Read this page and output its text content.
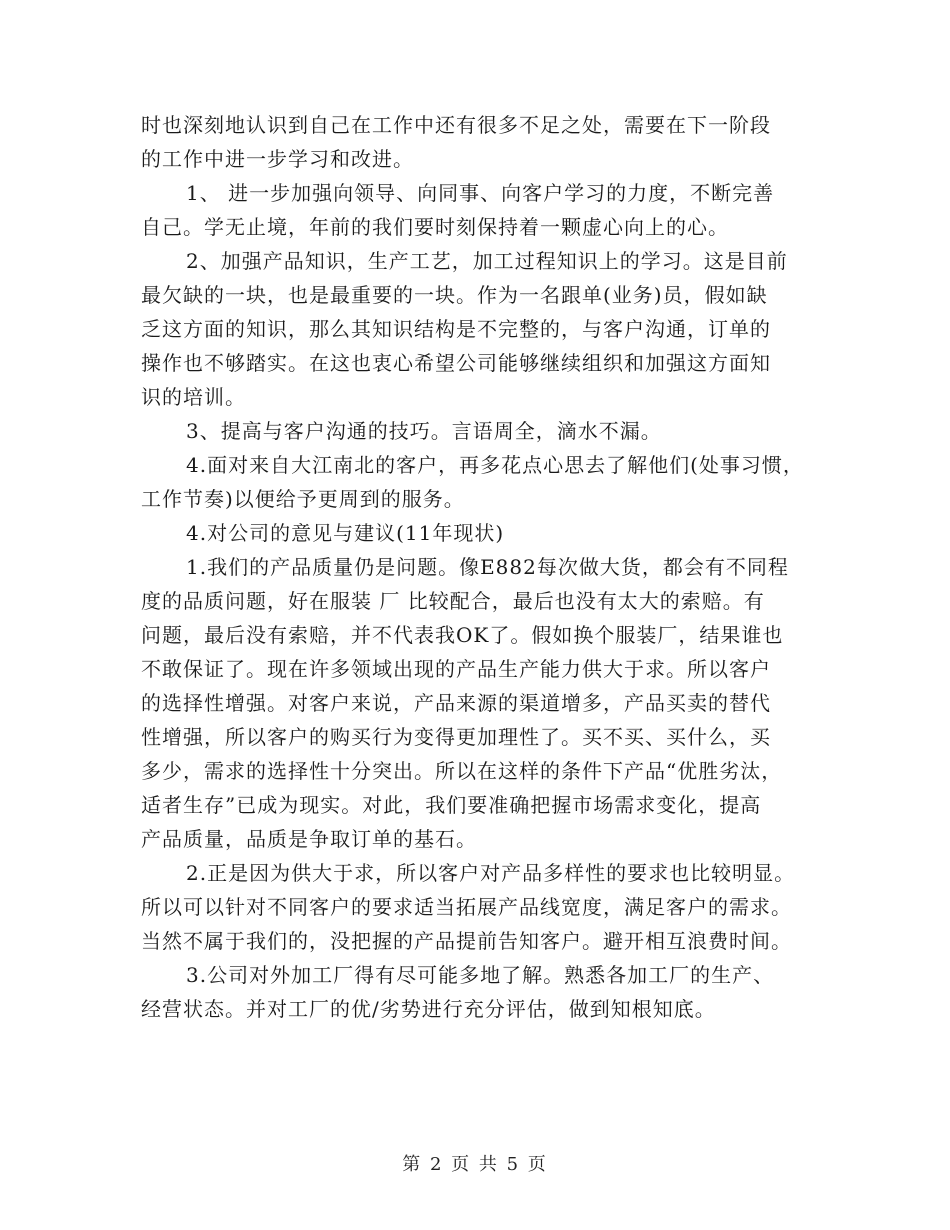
时也深刻地认识到自己在工作中还有很多不足之处，需要在下一阶段
的工作中进一步学习和改进。
1、 进一步加强向领导、向同事、向客户学习的力度，不断完善
自己。学无止境，年前的我们要时刻保持着一颗虚心向上的心。
2、加强产品知识，生产工艺，加工过程知识上的学习。这是目前
最欠缺的一块，也是最重要的一块。作为一名跟单(业务)员，假如缺
乏这方面的知识，那么其知识结构是不完整的，与客户沟通，订单的
操作也不够踏实。在这也衷心希望公司能够继续组织和加强这方面知
识的培训。
3、提高与客户沟通的技巧。言语周全，滴水不漏。
4.面对来自大江南北的客户，再多花点心思去了解他们(处事习惯，
工作节奏)以便给予更周到的服务。
4.对公司的意见与建议(11年现状)
1.我们的产品质量仍是问题。像E882每次做大货，都会有不同程
度的品质问题，好在服装 厂 比较配合，最后也没有太大的索赔。有
问题，最后没有索赔，并不代表我OK了。假如换个服装厂，结果谁也
不敢保证了。现在许多领域出现的产品生产能力供大于求。所以客户
的选择性增强。对客户来说，产品来源的渠道增多，产品买卖的替代
性增强，所以客户的购买行为变得更加理性了。买不买、买什么，买
多少，需求的选择性十分突出。所以在这样的条件下产品“优胜劣汰，
适者生存”已成为现实。对此，我们要准确把握市场需求变化，提高
产品质量，品质是争取订单的基石。
2.正是因为供大于求，所以客户对产品多样性的要求也比较明显。
所以可以针对不同客户的要求适当拓展产品线宽度，满足客户的需求。
当然不属于我们的，没把握的产品提前告知客户。避开相互浪费时间。
3.公司对外加工厂得有尽可能多地了解。熟悉各加工厂的生产、
经营状态。并对工厂的优/劣势进行充分评估，做到知根知底。
第 2 页 共 5 页
